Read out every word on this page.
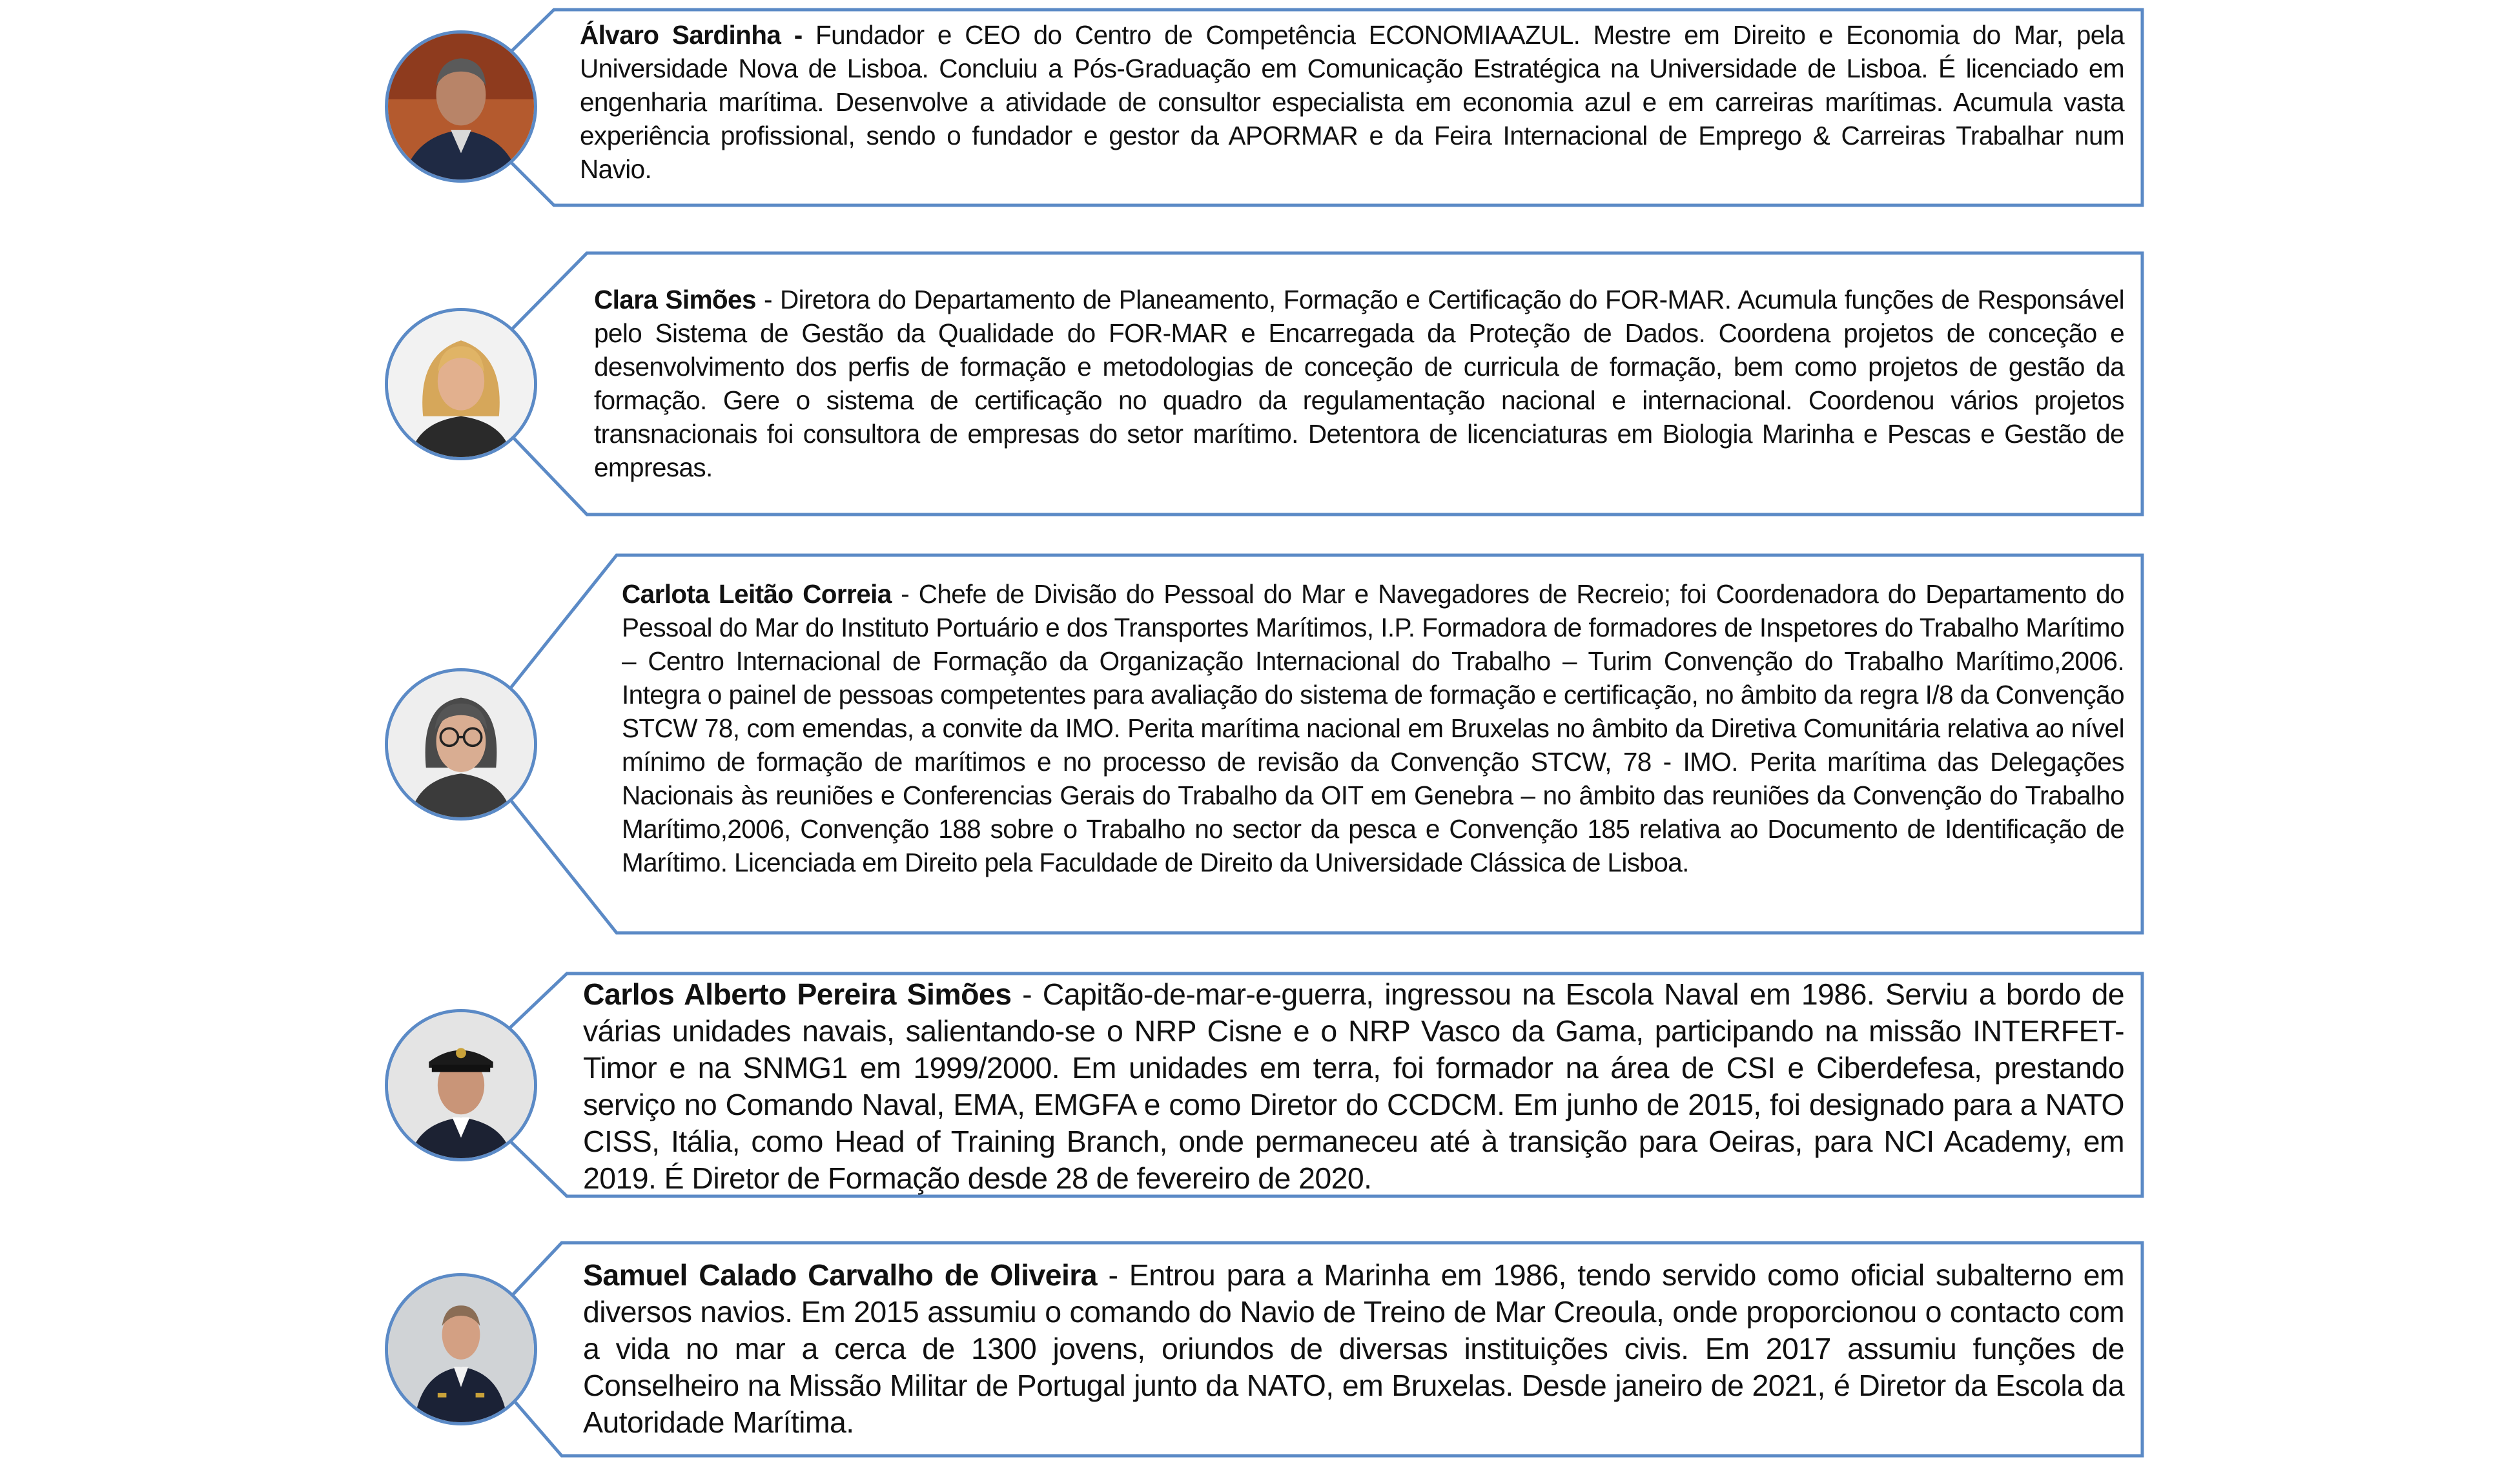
Álvaro Sardinha - Fundador e CEO do Centro de Competência ECONOMIAAZUL. Mestre em Direito e Economia do Mar, pela Universidade Nova de Lisboa. Concluiu a Pós-Graduação em Comunicação Estratégica na Universidade de Lisboa. É licenciado em engenharia marítima. Desenvolve a atividade de consultor especialista em economia azul e em carreiras marítimas. Acumula vasta experiência profissional, sendo o fundador e gestor da APORMAR e da Feira Internacional de Emprego & Carreiras Trabalhar num Navio.

Clara Simões - Diretora do Departamento de Planeamento, Formação e Certificação do FOR-MAR. Acumula funções de Responsável pelo Sistema de Gestão da Qualidade do FOR-MAR e Encarregada da Proteção de Dados. Coordena projetos de conceção e desenvolvimento dos perfis de formação e metodologias de conceção de curricula de formação, bem como projetos de gestão da formação. Gere o sistema de certificação no quadro da regulamentação nacional e internacional. Coordenou vários projetos transnacionais foi consultora de empresas do setor marítimo. Detentora de licenciaturas em Biologia Marinha e Pescas e Gestão de empresas.

Carlota Leitão Correia - Chefe de Divisão do Pessoal do Mar e Navegadores de Recreio; foi Coordenadora do Departamento do Pessoal do Mar do Instituto Portuário e dos Transportes Marítimos, I.P. Formadora de formadores de Inspetores do Trabalho Marítimo – Centro Internacional de Formação da Organização Internacional do Trabalho – Turim Convenção do Trabalho Marítimo,2006. Integra o painel de pessoas competentes para avaliação do sistema de formação e certificação, no âmbito da regra I/8 da Convenção STCW 78, com emendas, a convite da IMO. Perita marítima nacional em Bruxelas no âmbito da Diretiva Comunitária relativa ao nível mínimo de formação de marítimos e no processo de revisão da Convenção STCW, 78 - IMO. Perita marítima das Delegações Nacionais às reuniões e Conferencias Gerais do Trabalho da OIT em Genebra – no âmbito das reuniões da Convenção do Trabalho Marítimo,2006, Convenção 188 sobre o Trabalho no sector da pesca e Convenção 185 relativa ao Documento de Identificação de Marítimo. Licenciada em Direito pela Faculdade de Direito da Universidade Clássica de Lisboa.

Carlos Alberto Pereira Simões - Capitão-de-mar-e-guerra, ingressou na Escola Naval em 1986. Serviu a bordo de várias unidades navais, salientando-se o NRP Cisne e o NRP Vasco da Gama, participando na missão INTERFET-Timor e na SNMG1 em 1999/2000. Em unidades em terra, foi formador na área de CSI e Ciberdefesa, prestando serviço no Comando Naval, EMA, EMGFA e como Diretor do CCDCM. Em junho de 2015, foi designado para a NATO CISS, Itália, como Head of Training Branch, onde permaneceu até à transição para Oeiras, para NCI Academy, em 2019. É Diretor de Formação desde 28 de fevereiro de 2020.

Samuel Calado Carvalho de Oliveira - Entrou para a Marinha em 1986, tendo servido como oficial subalterno em diversos navios. Em 2015 assumiu o comando do Navio de Treino de Mar Creoula, onde proporcionou o contacto com a vida no mar a cerca de 1300 jovens, oriundos de diversas instituições civis. Em 2017 assumiu funções de Conselheiro na Missão Militar de Portugal junto da NATO, em Bruxelas. Desde janeiro de 2021, é Diretor da Escola da Autoridade Marítima.
